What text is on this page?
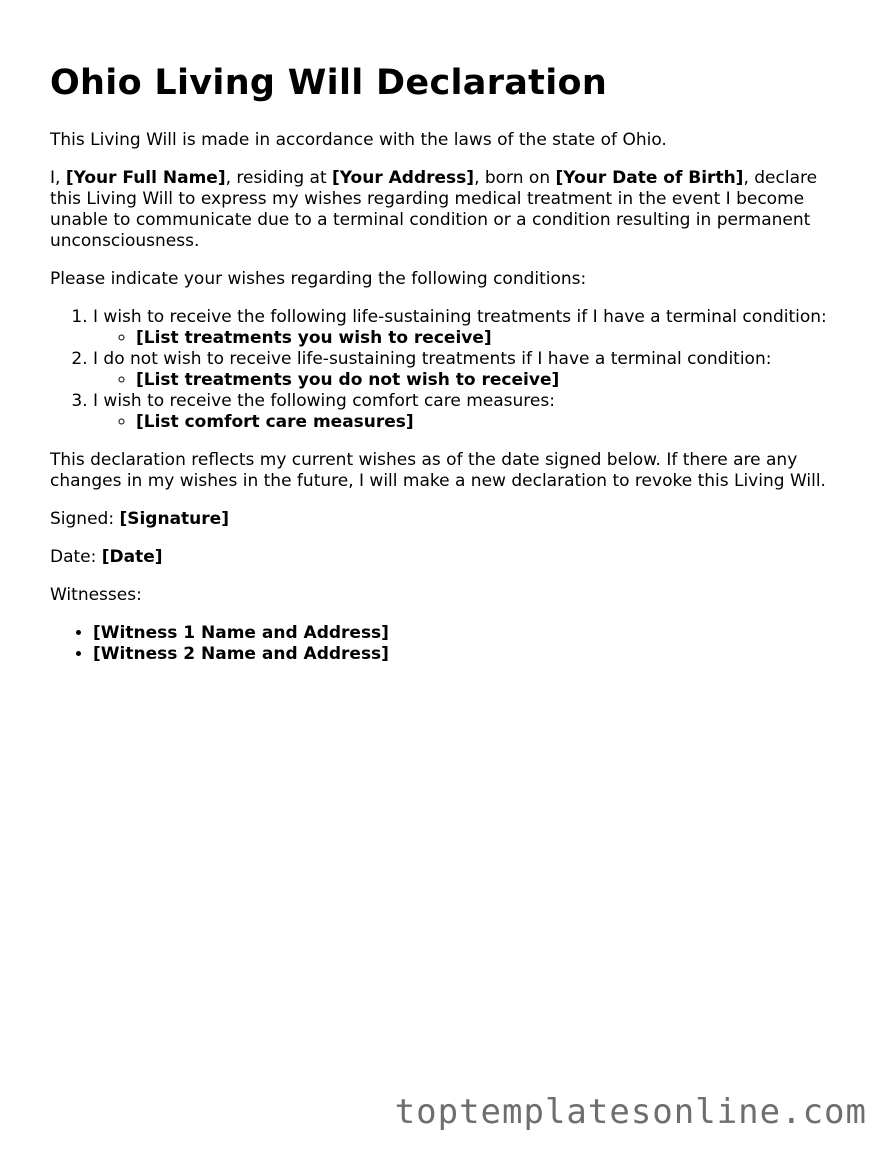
Ohio Living Will Declaration

This Living Will is made in accordance with the laws of the state of Ohio.

I, [Your Full Name], residing at [Your Address], born on [Your Date of Birth], declare this Living Will to express my wishes regarding medical treatment in the event I become unable to communicate due to a terminal condition or a condition resulting in permanent unconsciousness.

Please indicate your wishes regarding the following conditions:

1. I wish to receive the following life-sustaining treatments if I have a terminal condition:
◦ [List treatments you wish to receive]
2. I do not wish to receive life-sustaining treatments if I have a terminal condition:
◦ [List treatments you do not wish to receive]
3. I wish to receive the following comfort care measures:
◦ [List comfort care measures]

This declaration reflects my current wishes as of the date signed below. If there are any changes in my wishes in the future, I will make a new declaration to revoke this Living Will.

Signed: [Signature]

Date: [Date]

Witnesses:

• [Witness 1 Name and Address]
• [Witness 2 Name and Address]
toptemplatesonline.com
